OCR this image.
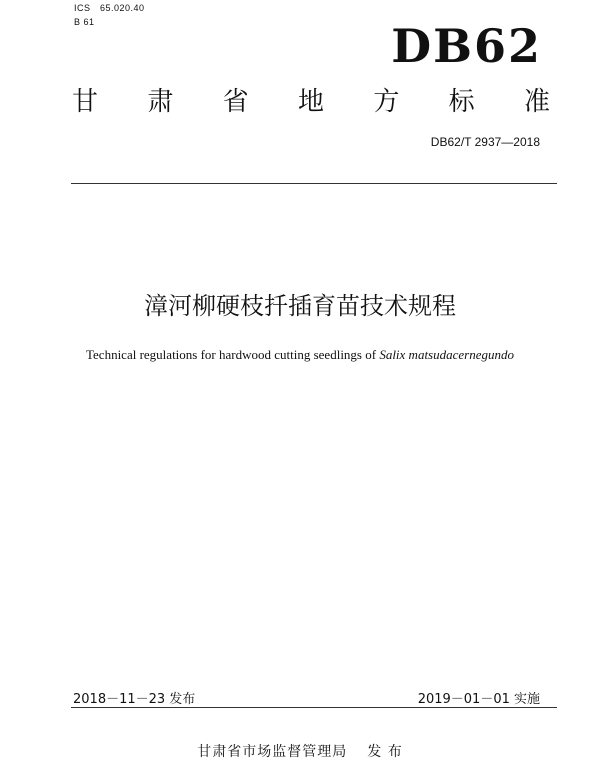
ICS　65.020.40
B 61	DB62
甘 肃 省 地 方 标 准
DB62/T 2937—2018
漳河柳硬枝扦插育苗技术规程
Technical regulations for hardwood cutting seedlings of Salix matsudacernegundo
2018－11－23 发布	2019－01－01 实施
甘肃省市场监督管理局 发 布
